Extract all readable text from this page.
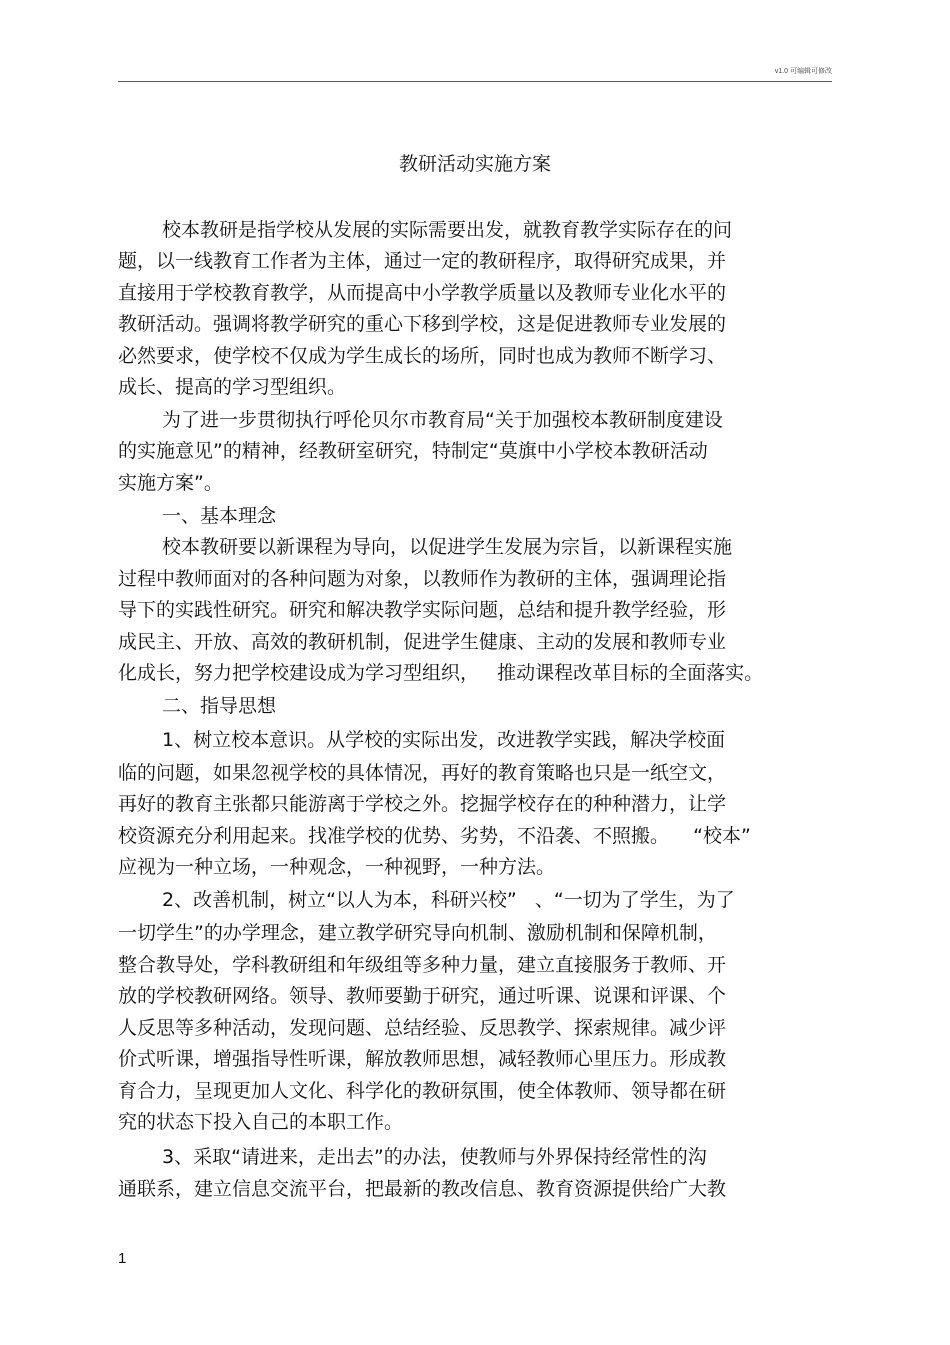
v1.0 可编辑可修改
教研活动实施方案
校本教研是指学校从发展的实际需要出发，就教育教学实际存在的问
题，以一线教育工作者为主体，通过一定的教研程序，取得研究成果，并
直接用于学校教育教学，从而提高中小学教学质量以及教师专业化水平的
教研活动。强调将教学研究的重心下移到学校，这是促进教师专业发展的
必然要求，使学校不仅成为学生成长的场所，同时也成为教师不断学习、
成长、提高的学习型组织。
为了进一步贯彻执行呼伦贝尔市教育局“关于加强校本教研制度建设
的实施意见”的精神，经教研室研究，特制定“莫旗中小学校本教研活动
实施方案”。
一、基本理念
校本教研要以新课程为导向，以促进学生发展为宗旨，以新课程实施
过程中教师面对的各种问题为对象，以教师作为教研的主体，强调理论指
导下的实践性研究。研究和解决教学实际问题，总结和提升教学经验，形
成民主、开放、高效的教研机制，促进学生健康、主动的发展和教师专业
化成长，努力把学校建设成为学习型组织，   推动课程改革目标的全面落实。
二、指导思想
1、树立校本意识。从学校的实际出发，改进教学实践，解决学校面
临的问题，如果忽视学校的具体情况，再好的教育策略也只是一纸空文，
再好的教育主张都只能游离于学校之外。挖掘学校存在的种种潜力，让学
校资源充分利用起来。找准学校的优势、劣势，不沿袭、不照搬。    “校本”
应视为一种立场，一种观念，一种视野，一种方法。
2、改善机制，树立“以人为本，科研兴校”   、“一切为了学生，为了
一切学生”的办学理念，建立教学研究导向机制、激励机制和保障机制，
整合教导处，学科教研组和年级组等多种力量，建立直接服务于教师、开
放的学校教研网络。领导、教师要勤于研究，通过听课、说课和评课、个
人反思等多种活动，发现问题、总结经验、反思教学、探索规律。减少评
价式听课，增强指导性听课，解放教师思想，减轻教师心里压力。形成教
育合力，呈现更加人文化、科学化的教研氛围，使全体教师、领导都在研
究的状态下投入自己的本职工作。
3、采取“请进来，走出去”的办法，使教师与外界保持经常性的沟
通联系，建立信息交流平台，把最新的教改信息、教育资源提供给广大教
1
